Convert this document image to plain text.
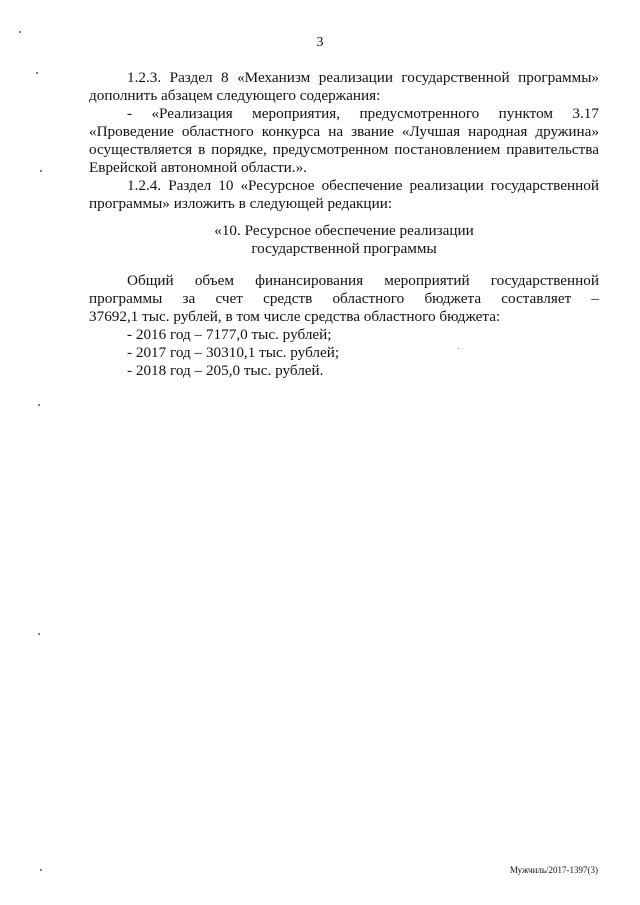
3

1.2.3. Раздел 8 «Механизм реализации государственной программы»

дополнить абзацем следующего содержания:

- «Реализация мероприятия, предусмотренного пунктом 3.17

«Проведение областного конкурса на звание «Лучшая народная дружина»

осуществляется в порядке, предусмотренном постановлением правительства

Еврейской автономной области.».

1.2.4. Раздел 10 «Ресурсное обеспечение реализации государственной

программы» изложить в следующей редакции:

«10. Ресурсное обеспечение реализации
государственной программы

Общий объем финансирования мероприятий государственной

программы за счет средств областного бюджета составляет –

37692,1 тыс. рублей, в том числе средства областного бюджета:

- 2016 год – 7177,0 тыс. рублей;

- 2017 год – 30310,1 тыс. рублей;

- 2018 год – 205,0 тыс. рублей.

Мужчиль/2017-1397(3)
